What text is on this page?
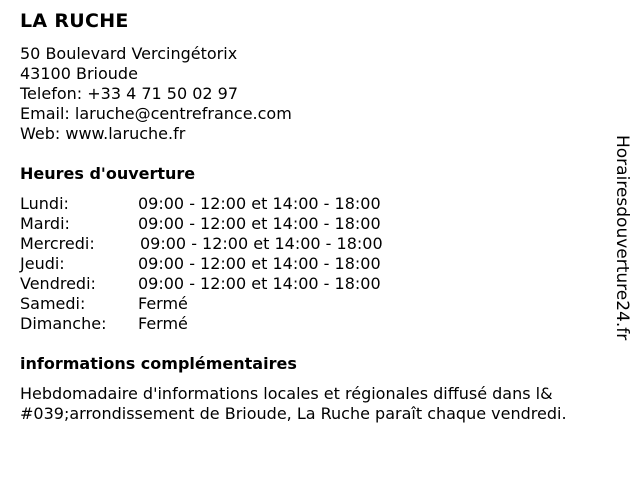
LA RUCHE
50 Boulevard Vercingétorix
43100 Brioude
Telefon: +33 4 71 50 02 97
Email: laruche@centrefrance.com
Web: www.laruche.fr
Heures d'ouverture
Lundi:	09:00 - 12:00 et 14:00 - 18:00
Mardi:	09:00 - 12:00 et 14:00 - 18:00
Mercredi:	09:00 - 12:00 et 14:00 - 18:00
Jeudi:	09:00 - 12:00 et 14:00 - 18:00
Vendredi:	09:00 - 12:00 et 14:00 - 18:00
Samedi:	Fermé
Dimanche:	Fermé
informations complémentaires
Hebdomadaire d'informations locales et régionales diffusé dans l&
#039;arrondissement de Brioude, La Ruche paraît chaque vendredi.
Horairesdouverture24.fr
